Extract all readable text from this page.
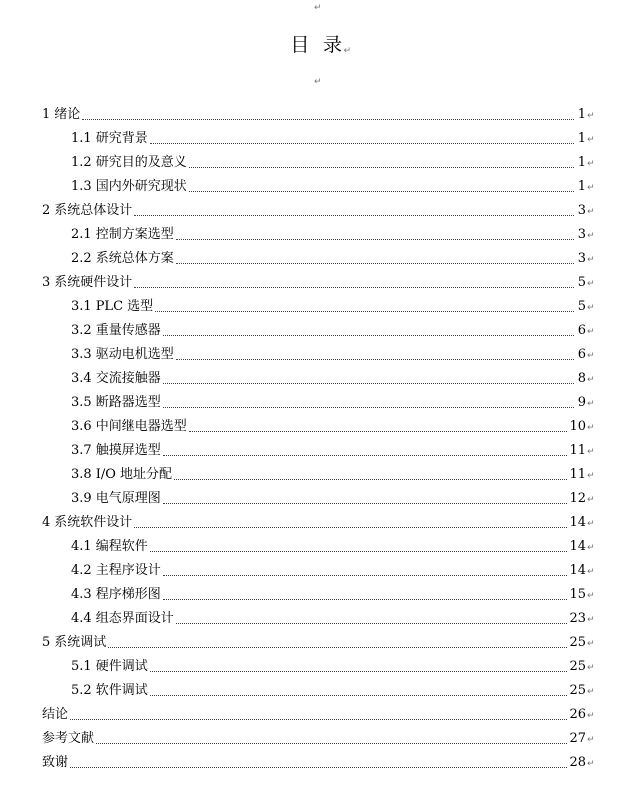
↵
目  录↵
↵
1 绪论	1 ↵
1.1 研究背景	1 ↵
1.2 研究目的及意义	1 ↵
1.3 国内外研究现状	1 ↵
2 系统总体设计	3 ↵
2.1 控制方案选型	3 ↵
2.2 系统总体方案	3 ↵
3 系统硬件设计	5 ↵
3.1 PLC 选型	5 ↵
3.2 重量传感器	6 ↵
3.3 驱动电机选型	6 ↵
3.4 交流接触器	8 ↵
3.5 断路器选型	9 ↵
3.6 中间继电器选型	10 ↵
3.7 触摸屏选型	11 ↵
3.8 I/O 地址分配	11 ↵
3.9 电气原理图	12 ↵
4 系统软件设计	14 ↵
4.1 编程软件	14 ↵
4.2 主程序设计	14 ↵
4.3 程序梯形图	15 ↵
4.4 组态界面设计	23 ↵
5 系统调试	25 ↵
5.1 硬件调试	25 ↵
5.2 软件调试	25 ↵
结论	26 ↵
参考文献	27 ↵
致谢	28 ↵
